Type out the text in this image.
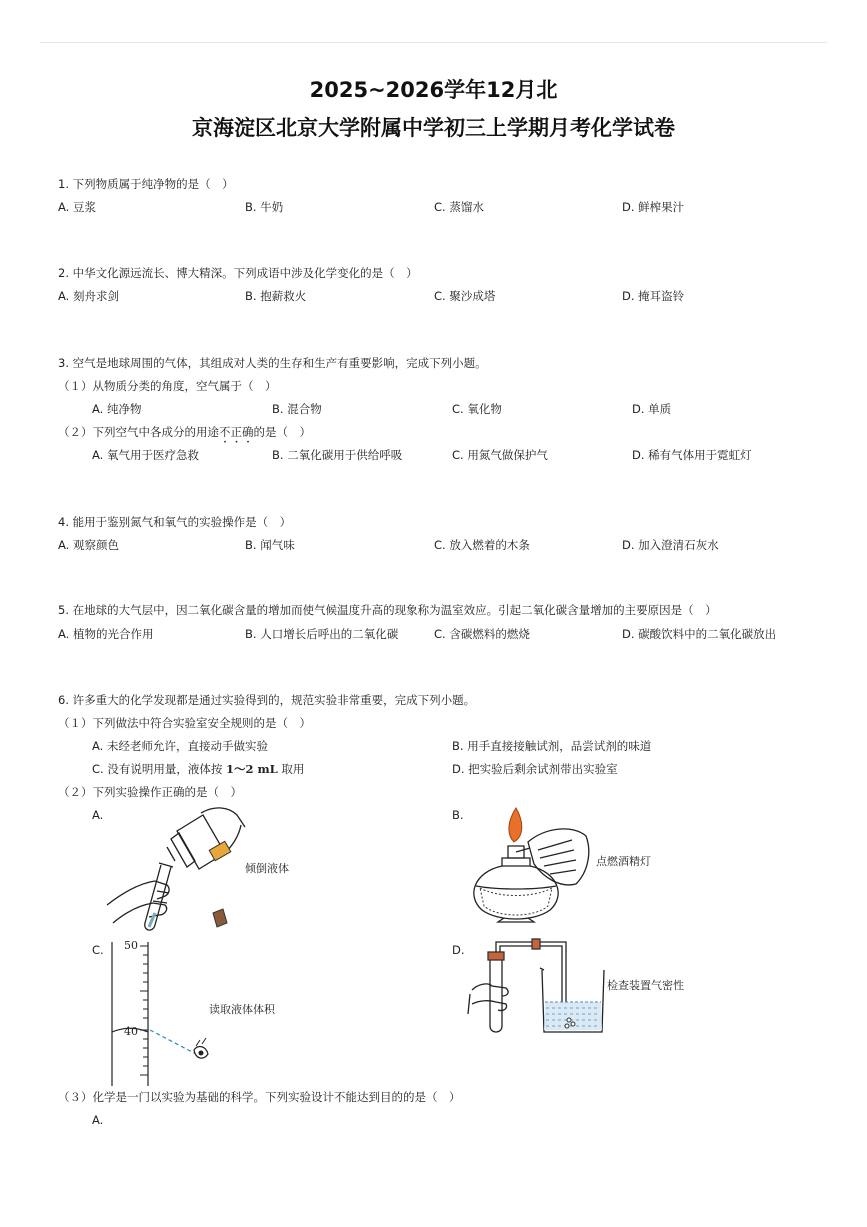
2025~2026学年12月北
京海淀区北京大学附属中学初三上学期月考化学试卷
1. 下列物质属于纯净物的是（　）
A. 豆浆	B. 牛奶	C. 蒸馏水	D. 鲜榨果汁
2. 中华文化源远流长、博大精深。下列成语中涉及化学变化的是（　）
A. 刻舟求剑	B. 抱薪救火	C. 聚沙成塔	D. 掩耳盗铃
3. 空气是地球周围的气体，其组成对人类的生存和生产有重要影响，完成下列小题。
（１）从物质分类的角度，空气属于（　）
A. 纯净物	B. 混合物	C. 氧化物	D. 单质
（２）下列空气中各成分的用途不正确的是（　）
A. 氧气用于医疗急救	B. 二氧化碳用于供给呼吸	C. 用氮气做保护气	D. 稀有气体用于霓虹灯
4. 能用于鉴别氮气和氧气的实验操作是（　）
A. 观察颜色	B. 闻气味	C. 放入燃着的木条	D. 加入澄清石灰水
5. 在地球的大气层中，因二氧化碳含量的增加而使气候温度升高的现象称为温室效应。引起二氧化碳含量增加的主要原因是（　）
A. 植物的光合作用	B. 人口增长后呼出的二氧化碳	C. 含碳燃料的燃烧	D. 碳酸饮料中的二氧化碳放出
6. 许多重大的化学发现都是通过实验得到的，规范实验非常重要，完成下列小题。
（１）下列做法中符合实验室安全规则的是（　）
A. 未经老师允许，直接动手做实验	B. 用手直接接触试剂，品尝试剂的味道
C. 没有说明用量，液体按 1～2 mL 取用	D. 把实验后剩余试剂带出实验室
（２）下列实验操作正确的是（　）
A.
倾倒液体
B.
点燃酒精灯
C. 50
40
读取液体体积
D.
检查装置气密性
（３）化学是一门以实验为基础的科学。下列实验设计不能达到目的的是（　）
A.
